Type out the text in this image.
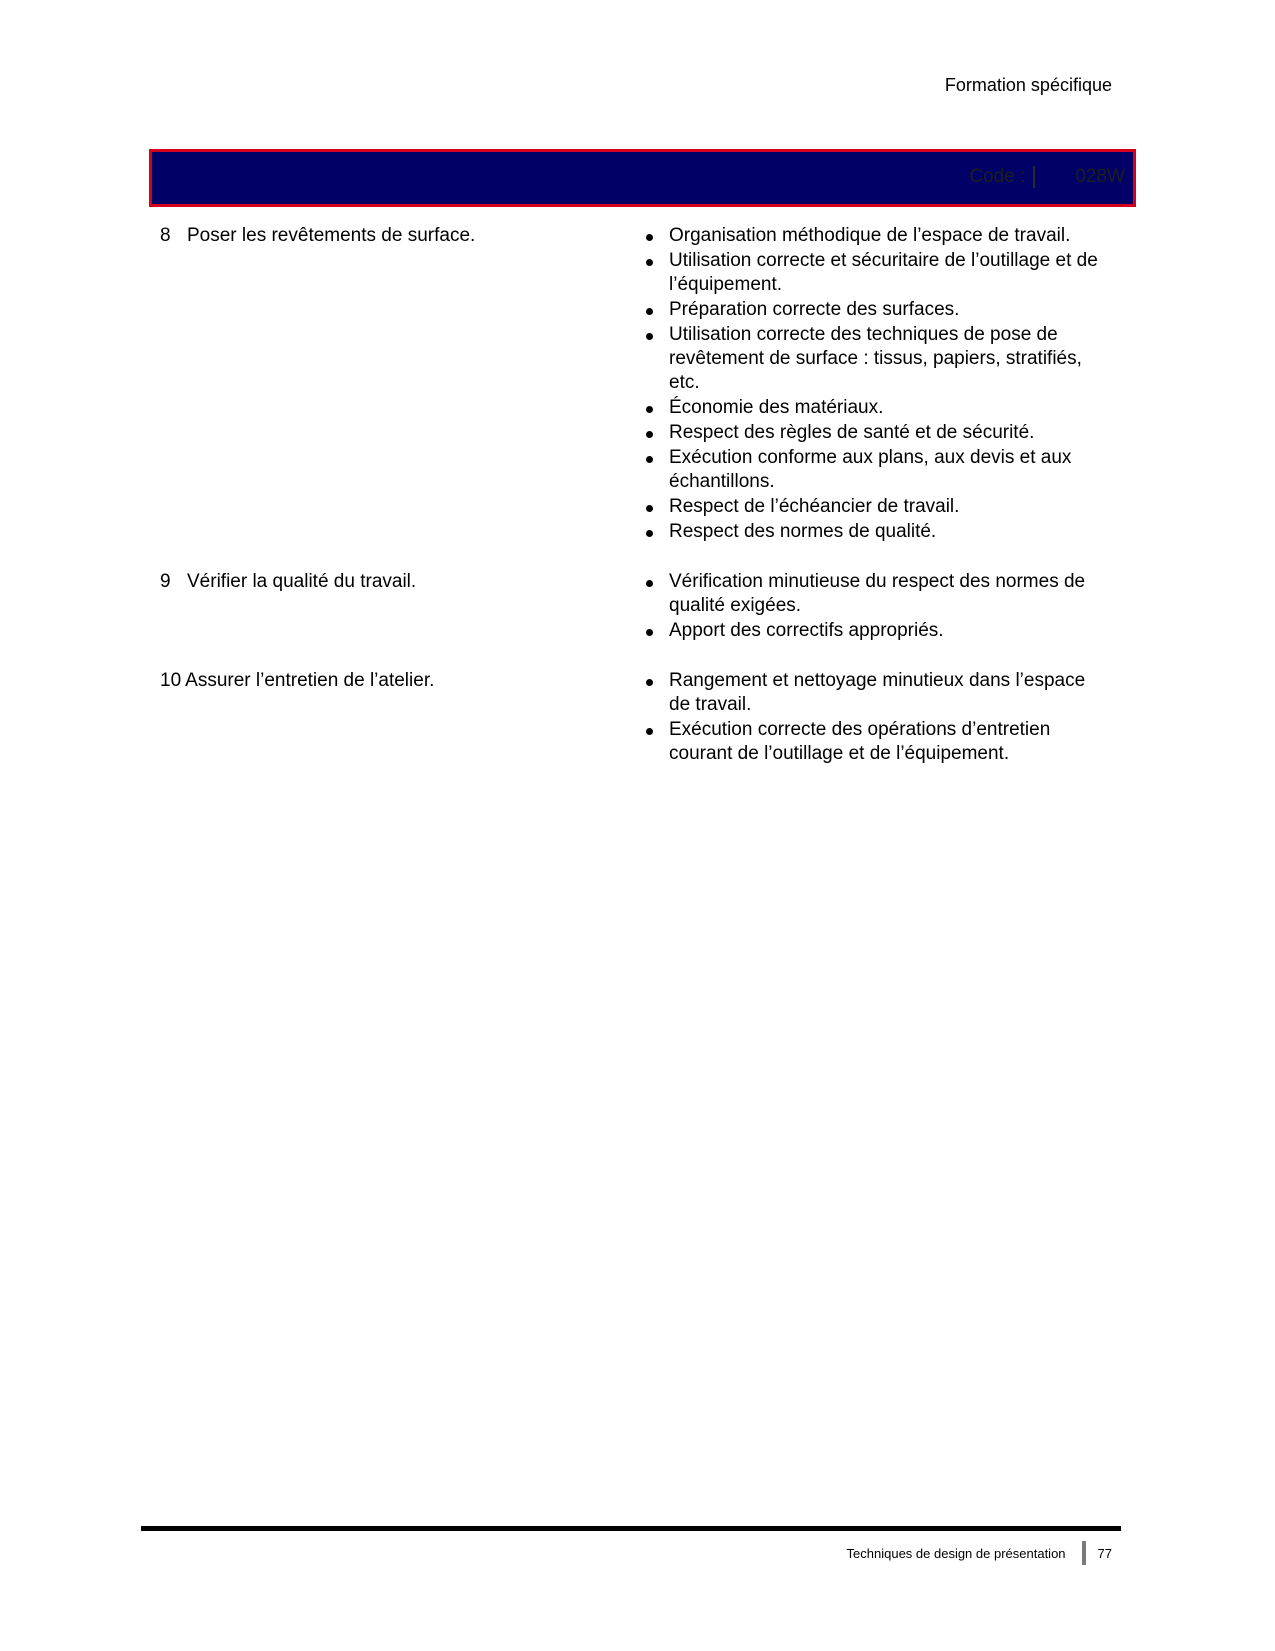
Formation spécifique
Code :	028W
8 Poser les revêtements de surface.	Organisation méthodique de l’espace de travail.
Utilisation correcte et sécuritaire de l’outillage et de l’équipement.
Préparation correcte des surfaces.
Utilisation correcte des techniques de pose de revêtement de surface : tissus, papiers, stratifiés, etc.
Économie des matériaux.
Respect des règles de santé et de sécurité.
Exécution conforme aux plans, aux devis et aux échantillons.
Respect de l’échéancier de travail.
Respect des normes de qualité.
9 Vérifier la qualité du travail.	Vérification minutieuse du respect des normes de qualité exigées.
Apport des correctifs appropriés.
10 Assurer l’entretien de l’atelier.	Rangement et nettoyage minutieux dans l’espace de travail.
Exécution correcte des opérations d’entretien courant de l’outillage et de l’équipement.
Techniques de design de présentation 77
